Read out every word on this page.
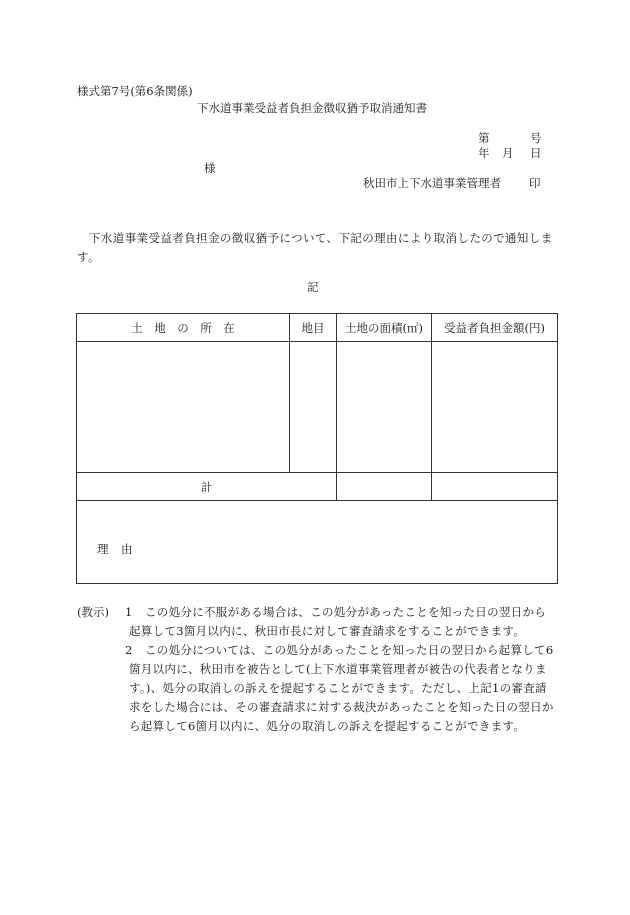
様式第7号(第6条関係)
下水道事業受益者負担金徴収猶予取消通知書
第	号
年 月 日
様
秋田市上下水道事業管理者 印
下水道事業受益者負担金の徴収猶予について、下記の理由により取消したので通知します。
記
土　地　の　所　在	地目	土地の面積(㎡)	受益者負担金額(円)

計			

理　由			
(教示) 1	この処分に不服がある場合は、この処分があったことを知った日の翌日から起算して3箇月以内に、秋田市長に対して審査請求をすることができます。
2	この処分については、この処分があったことを知った日の翌日から起算して6箇月以内に、秋田市を被告として(上下水道事業管理者が被告の代表者となります。)、処分の取消しの訴えを提起することができます。ただし、上記1の審査請求をした場合には、その審査請求に対する裁決があったことを知った日の翌日から起算して6箇月以内に、処分の取消しの訴えを提起することができます。
